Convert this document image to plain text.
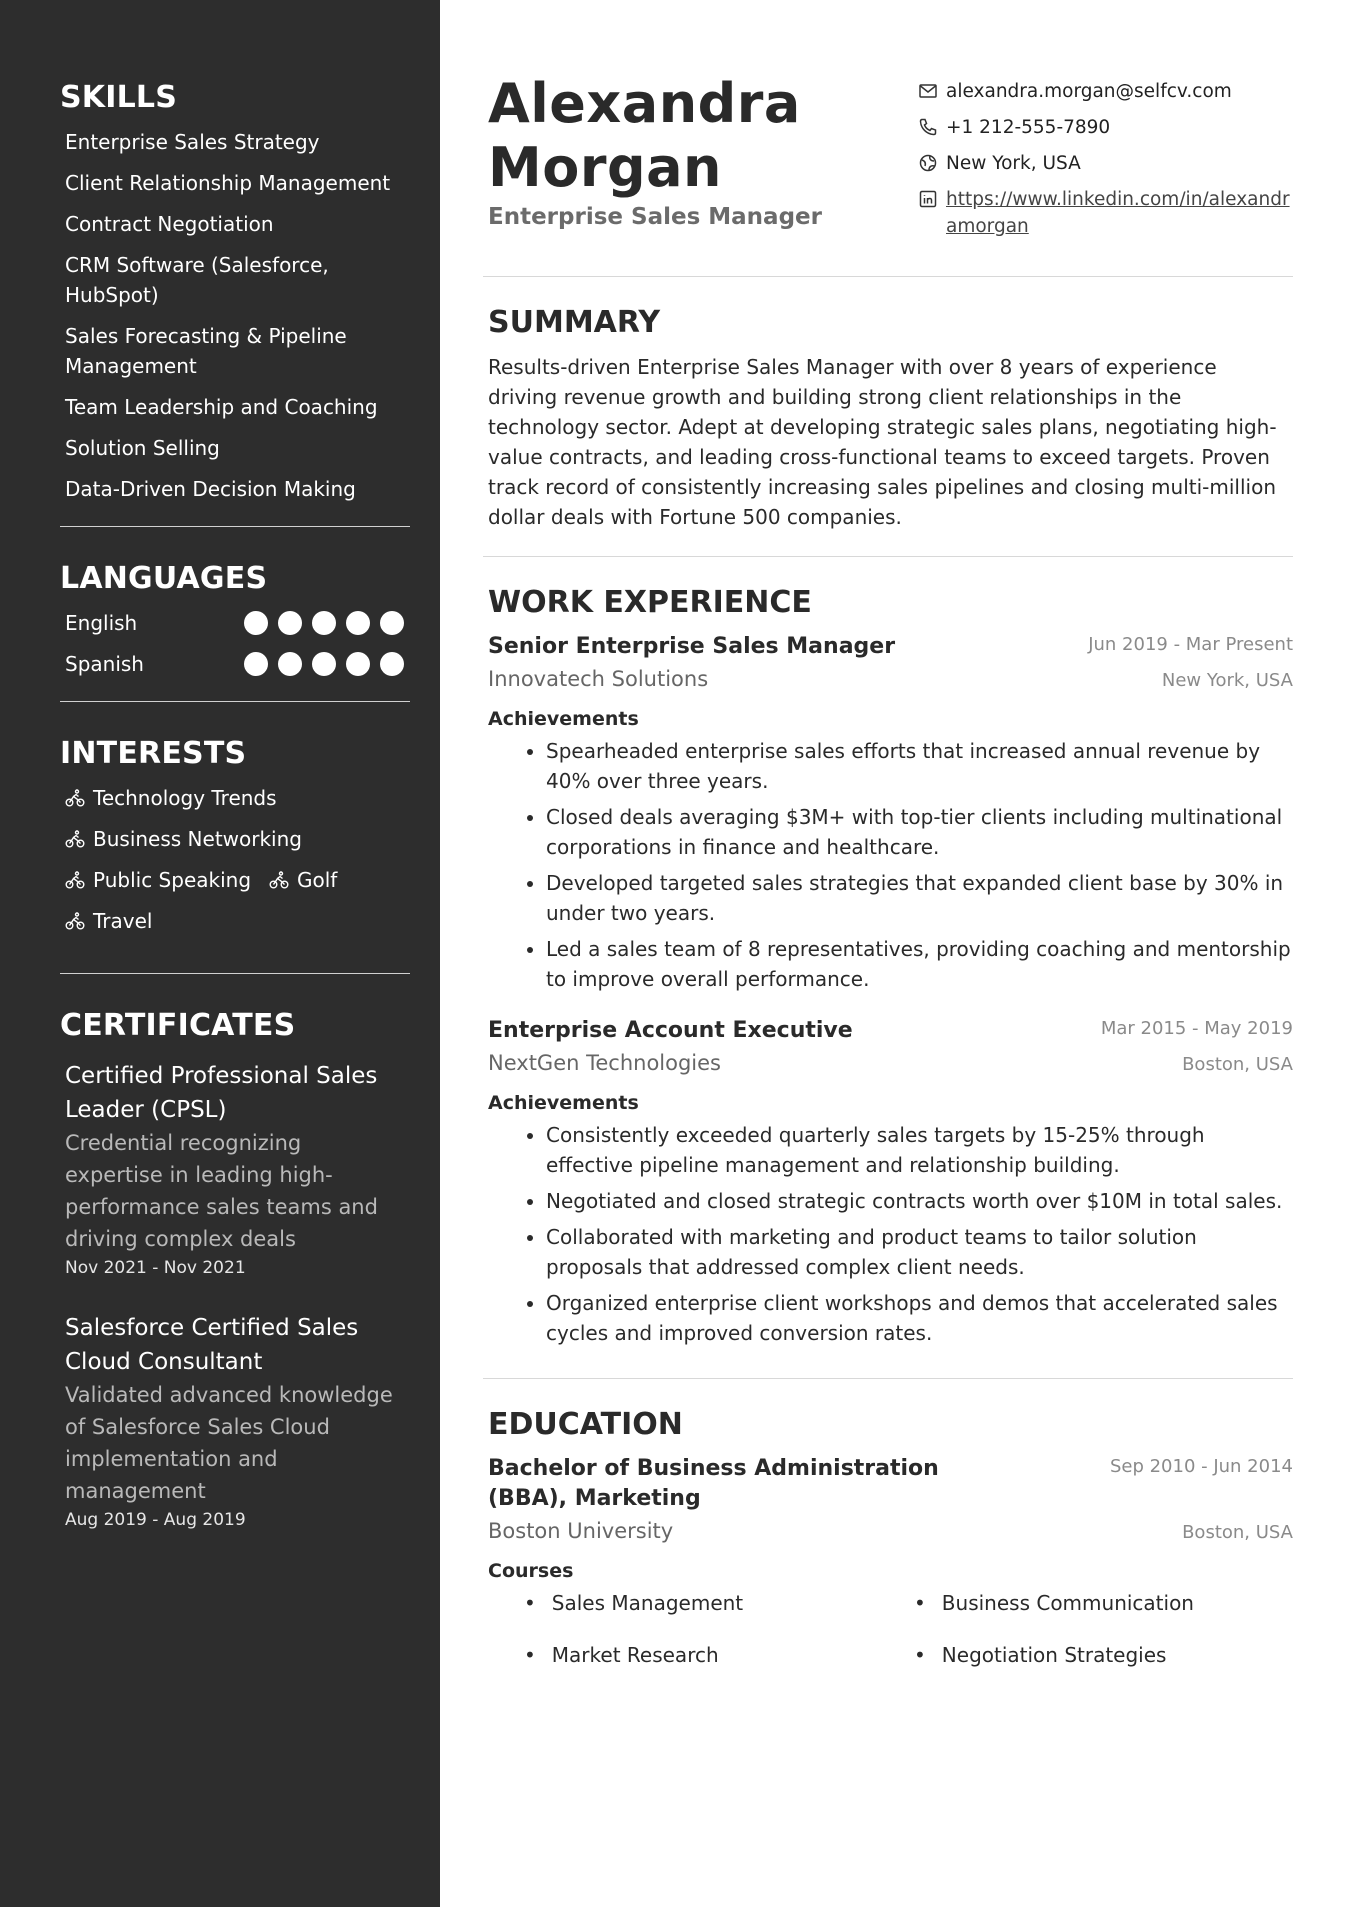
SKILLS
Enterprise Sales Strategy
Client Relationship Management
Contract Negotiation
CRM Software (Salesforce, HubSpot)
Sales Forecasting & Pipeline Management
Team Leadership and Coaching
Solution Selling
Data-Driven Decision Making
LANGUAGES
English
Spanish
INTERESTS
Technology Trends
Business Networking
Public Speaking Golf
Travel
CERTIFICATES
Certified Professional Sales Leader (CPSL)
Credential recognizing expertise in leading high-performance sales teams and driving complex deals
Nov 2021 - Nov 2021
Salesforce Certified Sales Cloud Consultant
Validated advanced knowledge of Salesforce Sales Cloud implementation and management
Aug 2019 - Aug 2019
Alexandra
Morgan
Enterprise Sales Manager
alexandra.morgan@selfcv.com
+1 212-555-7890
New York, USA
https://www.linkedin.com/in/alexandramorgan
SUMMARY

Results-driven Enterprise Sales Manager with over 8 years of experience driving revenue growth and building strong client relationships in the technology sector. Adept at developing strategic sales plans, negotiating high-value contracts, and leading cross-functional teams to exceed targets. Proven track record of consistently increasing sales pipelines and closing multi-million dollar deals with Fortune 500 companies.

WORK EXPERIENCE
Senior Enterprise Sales Manager	Jun 2019 - Mar Present
Innovatech Solutions	New York, USA
Achievements
• Spearheaded enterprise sales efforts that increased annual revenue by 40% over three years.
• Closed deals averaging $3M+ with top-tier clients including multinational corporations in finance and healthcare.
• Developed targeted sales strategies that expanded client base by 30% in under two years.
• Led a sales team of 8 representatives, providing coaching and mentorship to improve overall performance.
Enterprise Account Executive	Mar 2015 - May 2019
NextGen Technologies	Boston, USA
Achievements
• Consistently exceeded quarterly sales targets by 15-25% through effective pipeline management and relationship building.
• Negotiated and closed strategic contracts worth over $10M in total sales.
• Collaborated with marketing and product teams to tailor solution proposals that addressed complex client needs.
• Organized enterprise client workshops and demos that accelerated sales cycles and improved conversion rates.
EDUCATION
Bachelor of Business Administration (BBA), Marketing
Sep 2010 - Jun 2014
Boston University	Boston, USA
Courses
• Sales Management	• Business Communication
• Market Research	• Negotiation Strategies
